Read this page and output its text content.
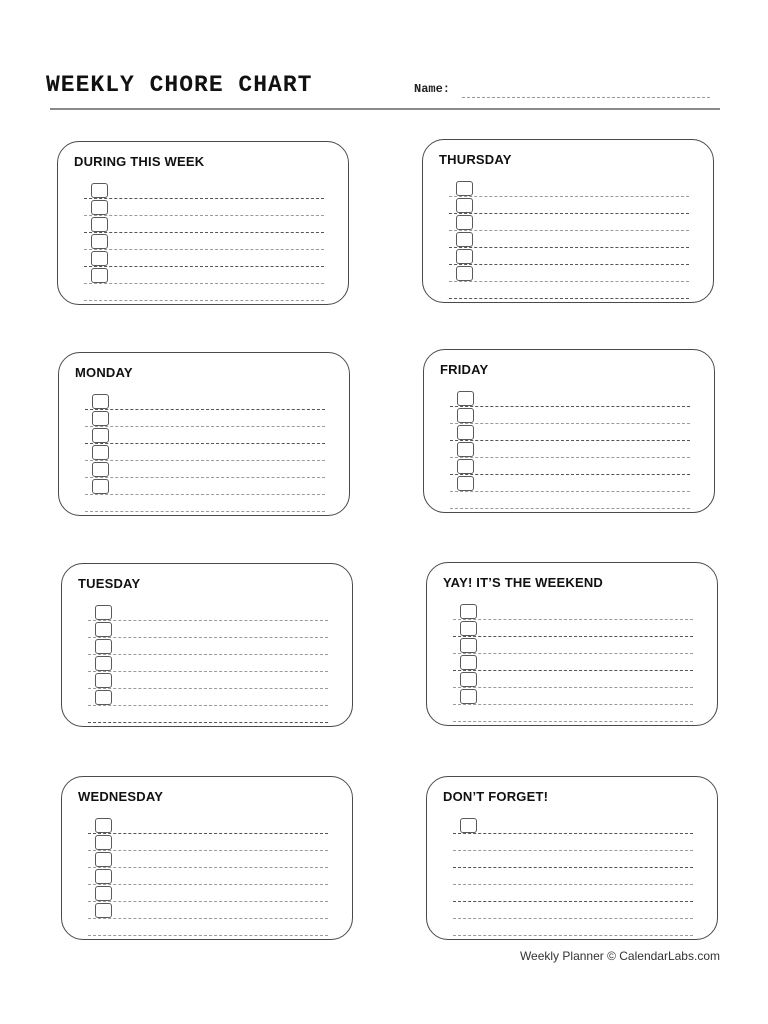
WEEKLY CHORE CHART	Name:
DURING THIS WEEK	THURSDAY
MONDAY	FRIDAY
TUESDAY	YAY! IT’S THE WEEKEND
WEDNESDAY	DON’T FORGET!
Weekly Planner © CalendarLabs.com
